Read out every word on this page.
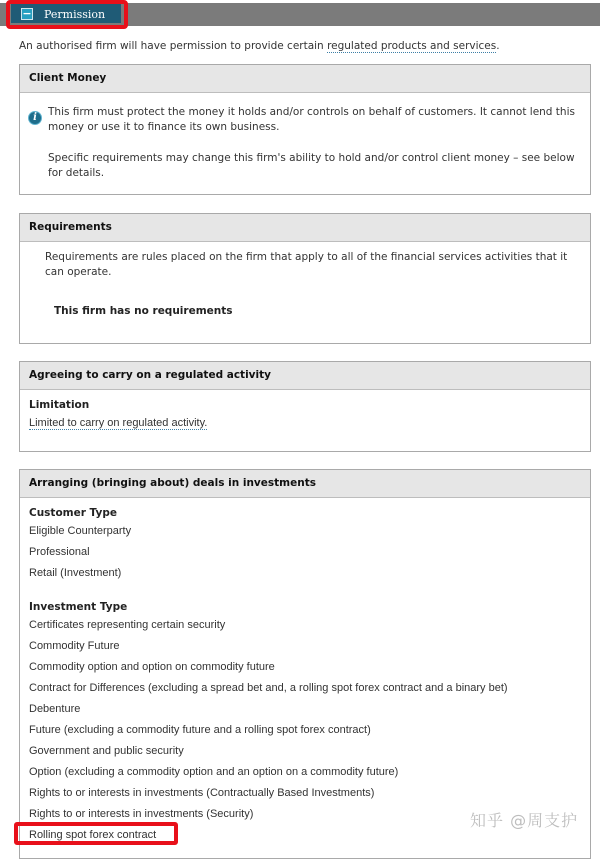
− Permission
An authorised firm will have permission to provide certain regulated products and services.
Client Money
i	This firm must protect the money it holds and/or controls on behalf of customers. It cannot lend this money or use it to finance its own business.
Specific requirements may change this firm's ability to hold and/or control client money – see below for details.
Requirements
Requirements are rules placed on the firm that apply to all of the financial services activities that it can operate.
This firm has no requirements
Agreeing to carry on a regulated activity
Limitation
Limited to carry on regulated activity.
Arranging (bringing about) deals in investments
Customer Type
Eligible Counterparty
Professional
Retail (Investment)
Investment Type
Certificates representing certain security
Commodity Future
Commodity option and option on commodity future
Contract for Differences (excluding a spread bet and, a rolling spot forex contract and a binary bet)
Debenture
Future (excluding a commodity future and a rolling spot forex contract)
Government and public security
Option (excluding a commodity option and an option on a commodity future)
Rights to or interests in investments (Contractually Based Investments)
Rights to or interests in investments (Security)
Rolling spot forex contract
知乎 @周支护
